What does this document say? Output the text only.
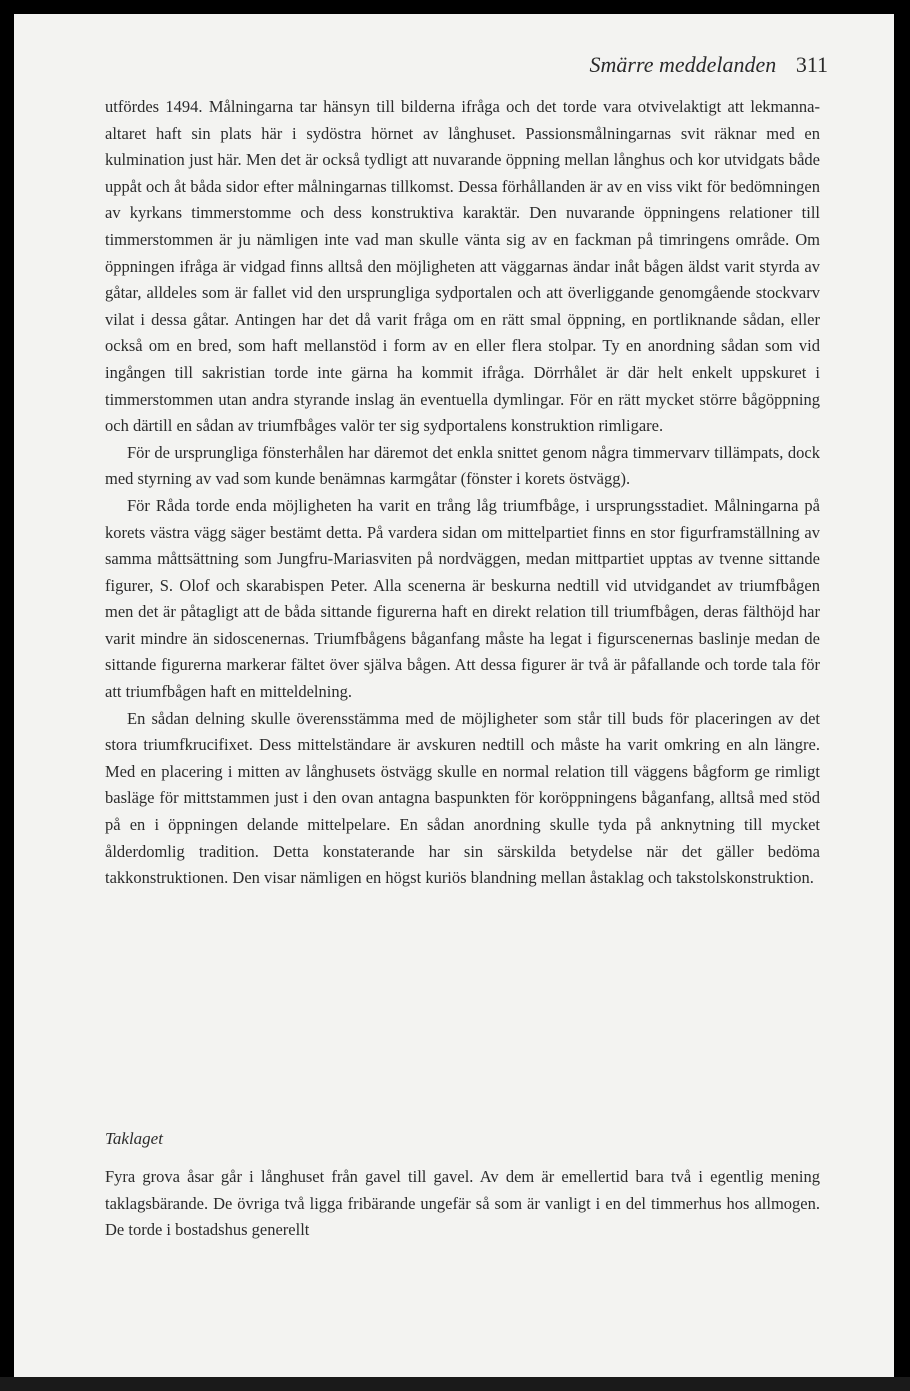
Smärre meddelanden 311

utfördes 1494. Målningarna tar hänsyn till bilderna ifråga och det torde vara otvivelaktigt att lekmanna-altaret haft sin plats här i sydöstra hörnet av långhuset. Passionsmålningarnas svit räknar med en kulmination just här. Men det är också tydligt att nuvarande öppning mellan långhus och kor utvidgats både uppåt och åt båda sidor efter målningarnas tillkomst. Dessa förhållanden är av en viss vikt för bedömningen av kyrkans timmerstomme och dess konstruktiva karaktär. Den nuvarande öppningens relationer till timmerstommen är ju nämligen inte vad man skulle vänta sig av en fackman på timringens område. Om öppningen ifråga är vidgad finns alltså den möjligheten att väggarnas ändar inåt bågen äldst varit styrda av gåtar, alldeles som är fallet vid den ursprungliga sydportalen och att överliggande genomgående stockvarv vilat i dessa gåtar. Antingen har det då varit fråga om en rätt smal öppning, en portliknande sådan, eller också om en bred, som haft mellanstöd i form av en eller flera stolpar. Ty en anordning sådan som vid ingången till sakristian torde inte gärna ha kommit ifråga. Dörrhålet är där helt enkelt uppskuret i timmerstommen utan andra styrande inslag än eventuella dymlingar. För en rätt mycket större bågöppning och därtill en sådan av triumfbåges valör ter sig sydportalens konstruktion rimligare.

För de ursprungliga fönsterhålen har däremot det enkla snittet genom några timmervarv tillämpats, dock med styrning av vad som kunde benämnas karmgåtar (fönster i korets östvägg).

För Råda torde enda möjligheten ha varit en trång låg triumfbåge, i ursprungsstadiet. Målningarna på korets västra vägg säger bestämt detta. På vardera sidan om mittelpartiet finns en stor figurframställning av samma måttsättning som Jungfru-Mariasviten på nordväggen, medan mittpartiet upptas av tvenne sittande figurer, S. Olof och skarabispen Peter. Alla scenerna är beskurna nedtill vid utvidgandet av triumfbågen men det är påtagligt att de båda sittande figurerna haft en direkt relation till triumfbågen, deras fälthöjd har varit mindre än sidoscenernas. Triumfbågens båganfang måste ha legat i figurscenernas baslinje medan de sittande figurerna markerar fältet över själva bågen. Att dessa figurer är två är påfallande och torde tala för att triumfbågen haft en mitteldelning.

En sådan delning skulle överensstämma med de möjligheter som står till buds för placeringen av det stora triumfkrucifixet. Dess mittelständare är avskuren nedtill och måste ha varit omkring en aln längre. Med en placering i mitten av långhusets östvägg skulle en normal relation till väggens bågform ge rimligt basläge för mittstammen just i den ovan antagna baspunkten för koröppningens båganfang, alltså med stöd på en i öppningen delande mittelpelare. En sådan anordning skulle tyda på anknytning till mycket ålderdomlig tradition. Detta konstaterande har sin särskilda betydelse när det gäller bedöma takkonstruktionen. Den visar nämligen en högst kuriös blandning mellan åstaklag och takstolskonstruktion.

Taklaget

Fyra grova åsar går i långhuset från gavel till gavel. Av dem är emellertid bara två i egentlig mening taklagsbärande. De övriga två ligga fribärande ungefär så som är vanligt i en del timmerhus hos allmogen. De torde i bostadshus generellt
